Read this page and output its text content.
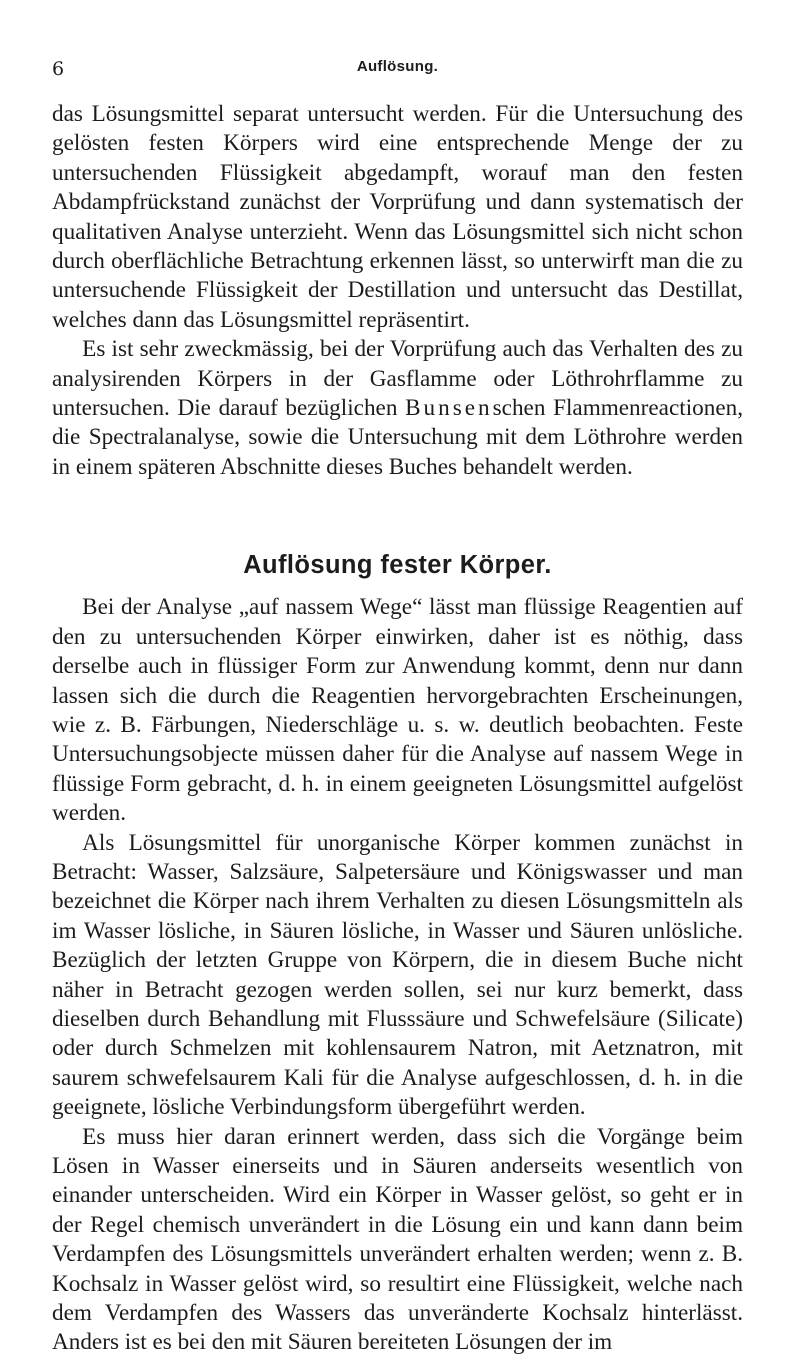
6	Auflösung.

das Lösungsmittel separat untersucht werden. Für die Untersuchung des gelösten festen Körpers wird eine entsprechende Menge der zu untersuchenden Flüssigkeit abgedampft, worauf man den festen Abdampfrückstand zunächst der Vorprüfung und dann systematisch der qualitativen Analyse unterzieht. Wenn das Lösungsmittel sich nicht schon durch oberflächliche Betrachtung erkennen lässt, so unterwirft man die zu untersuchende Flüssigkeit der Destillation und untersucht das Destillat, welches dann das Lösungsmittel repräsentirt.

Es ist sehr zweckmässig, bei der Vorprüfung auch das Verhalten des zu analysirenden Körpers in der Gasflamme oder Löthrohrflamme zu untersuchen. Die darauf bezüglichen Bunsenschen Flammenreactionen, die Spectralanalyse, sowie die Untersuchung mit dem Löthrohre werden in einem späteren Abschnitte dieses Buches behandelt werden.

Auflösung fester Körper.

Bei der Analyse „auf nassem Wege“ lässt man flüssige Reagentien auf den zu untersuchenden Körper einwirken, daher ist es nöthig, dass derselbe auch in flüssiger Form zur Anwendung kommt, denn nur dann lassen sich die durch die Reagentien hervorgebrachten Erscheinungen, wie z. B. Färbungen, Niederschläge u. s. w. deutlich beobachten. Feste Untersuchungsobjecte müssen daher für die Analyse auf nassem Wege in flüssige Form gebracht, d. h. in einem geeigneten Lösungsmittel aufgelöst werden.

Als Lösungsmittel für unorganische Körper kommen zunächst in Betracht: Wasser, Salzsäure, Salpetersäure und Königswasser und man bezeichnet die Körper nach ihrem Verhalten zu diesen Lösungsmitteln als im Wasser lösliche, in Säuren lösliche, in Wasser und Säuren unlösliche. Bezüglich der letzten Gruppe von Körpern, die in diesem Buche nicht näher in Betracht gezogen werden sollen, sei nur kurz bemerkt, dass dieselben durch Behandlung mit Flusssäure und Schwefelsäure (Silicate) oder durch Schmelzen mit kohlensaurem Natron, mit Aetznatron, mit saurem schwefelsaurem Kali für die Analyse aufgeschlossen, d. h. in die geeignete, lösliche Verbindungsform übergeführt werden.

Es muss hier daran erinnert werden, dass sich die Vorgänge beim Lösen in Wasser einerseits und in Säuren anderseits wesentlich von einander unterscheiden. Wird ein Körper in Wasser gelöst, so geht er in der Regel chemisch unverändert in die Lösung ein und kann dann beim Verdampfen des Lösungsmittels unverändert erhalten werden; wenn z. B. Kochsalz in Wasser gelöst wird, so resultirt eine Flüssigkeit, welche nach dem Verdampfen des Wassers das unveränderte Kochsalz hinterlässt. Anders ist es bei den mit Säuren bereiteten Lösungen der im
